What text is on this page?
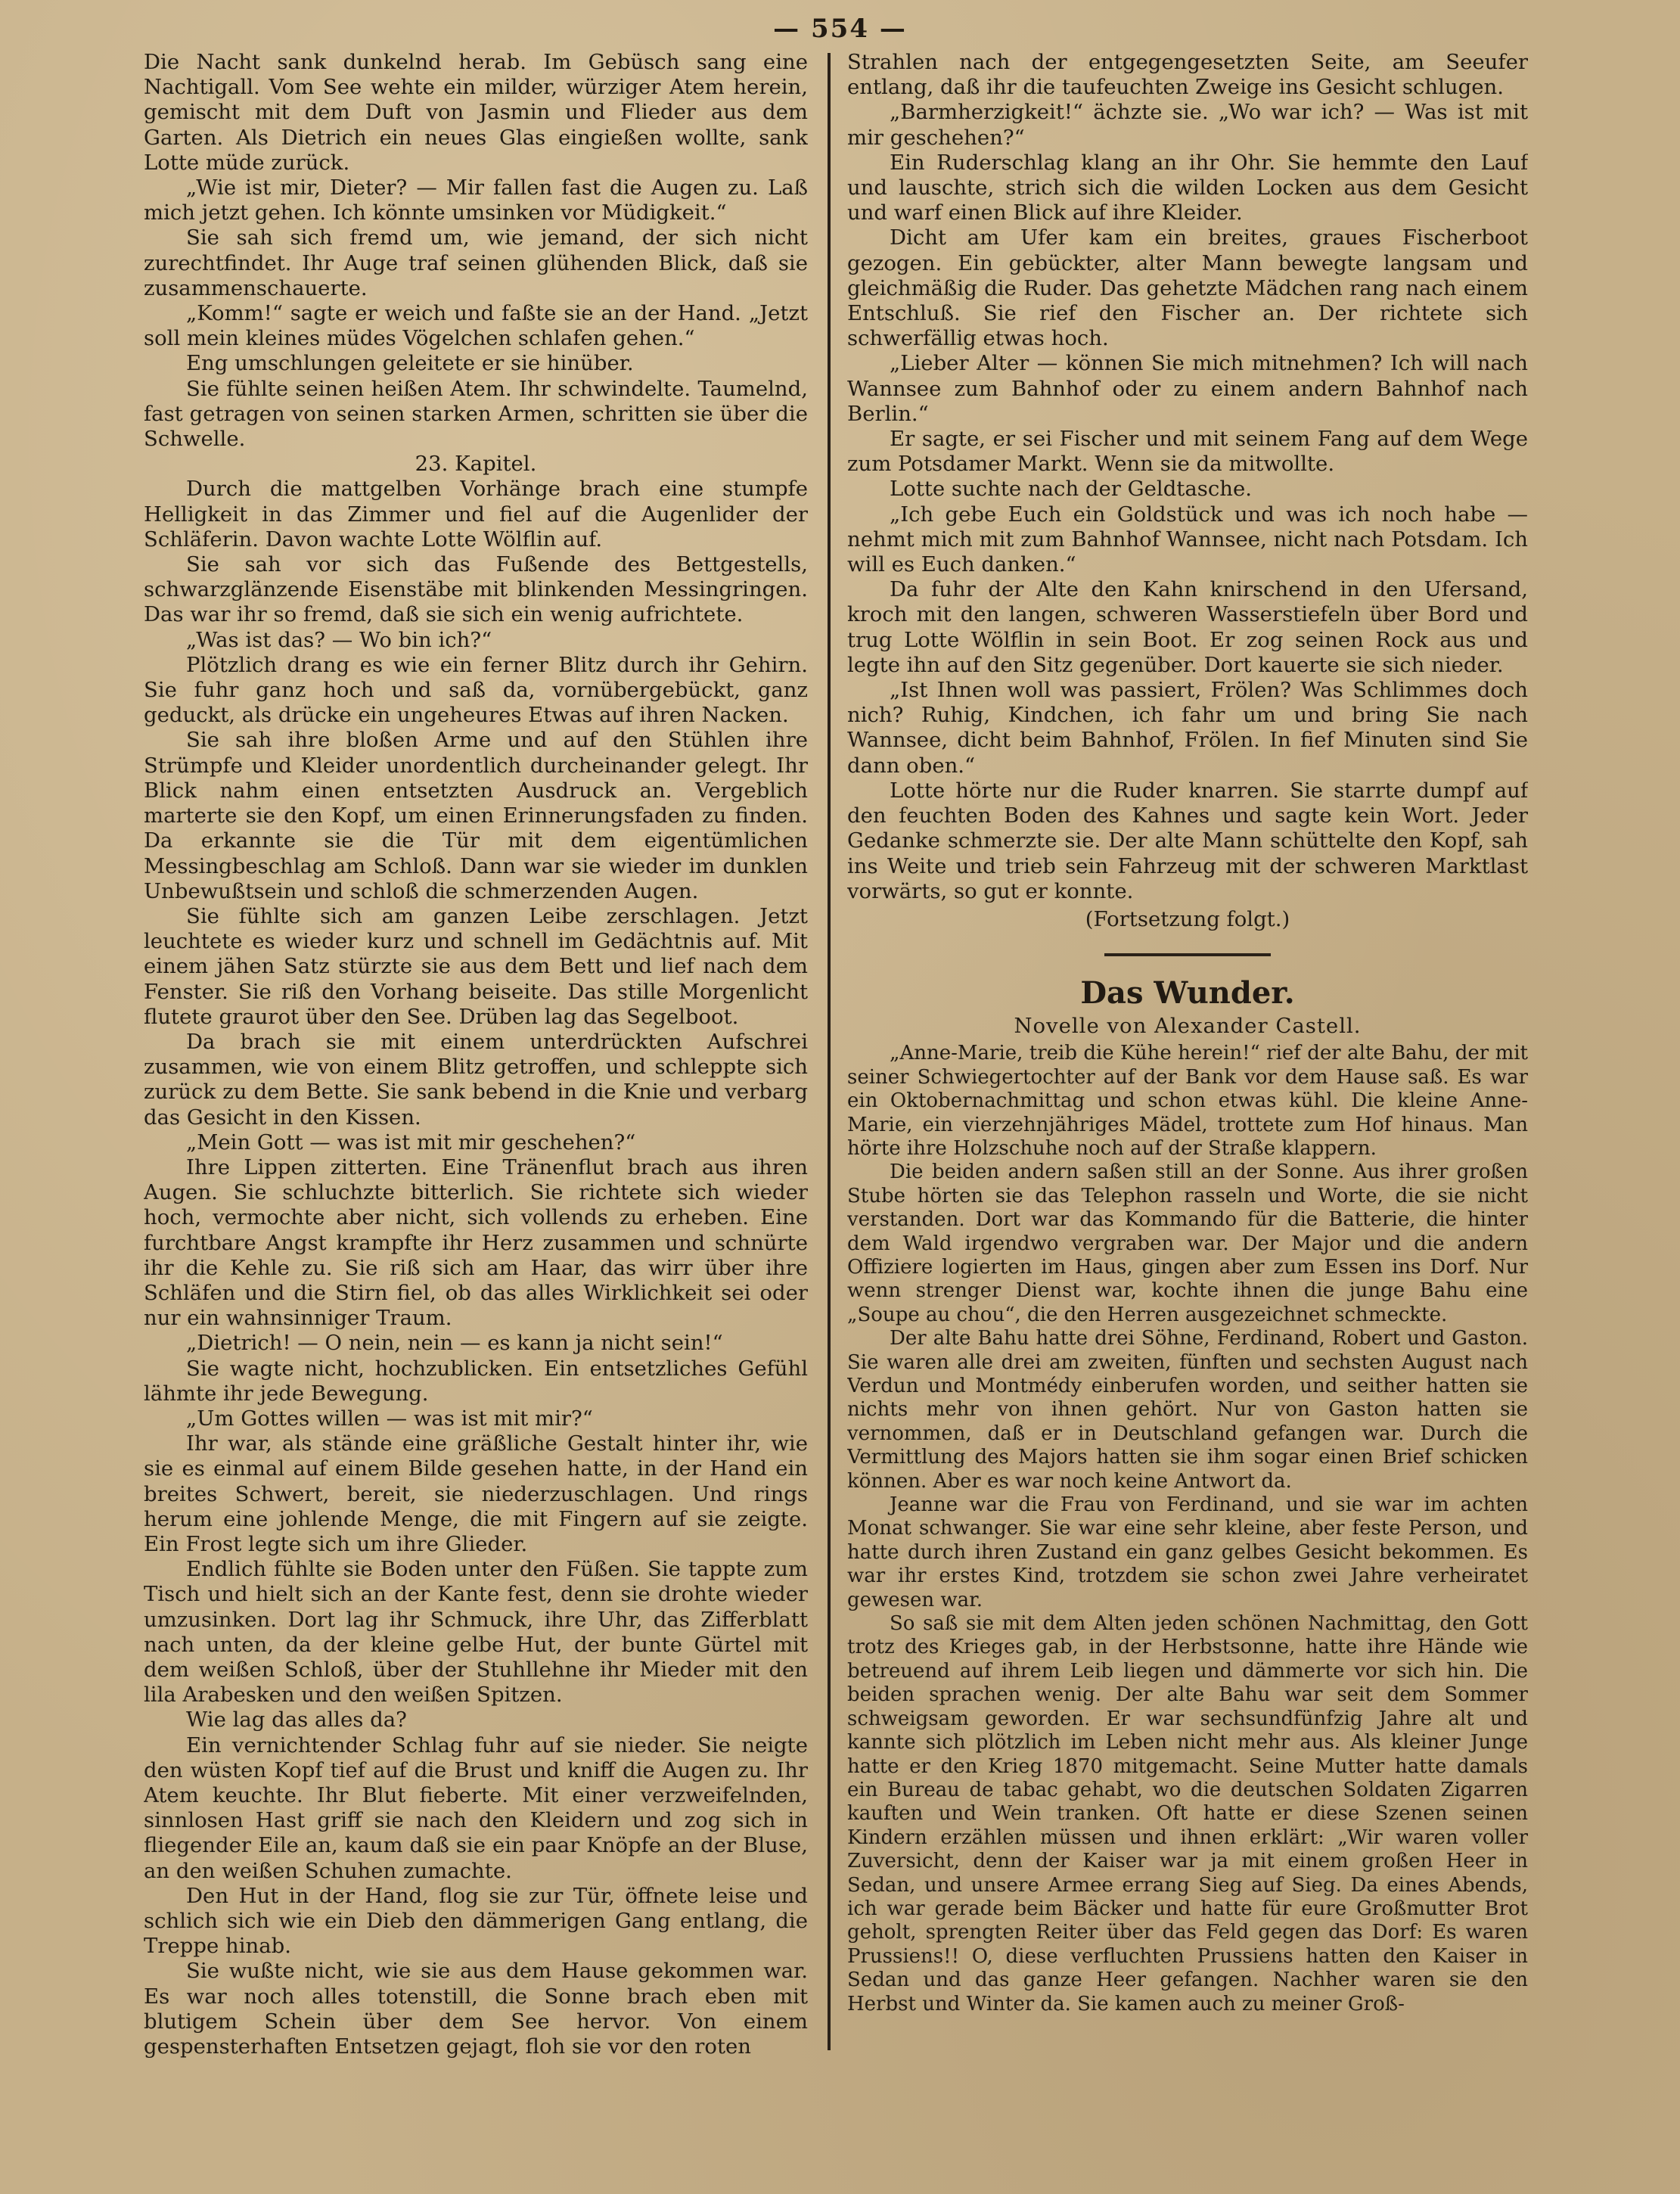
— 554 —

Die Nacht sank dunkelnd herab. Im Gebüsch sang eine Nachtigall. Vom See wehte ein milder, würziger Atem herein, gemischt mit dem Duft von Jasmin und Flieder aus dem Garten. Als Dietrich ein neues Glas eingießen wollte, sank Lotte müde zurück.

„Wie ist mir, Dieter? — Mir fallen fast die Augen zu. Laß mich jetzt gehen. Ich könnte umsinken vor Müdigkeit.“

Sie sah sich fremd um, wie jemand, der sich nicht zurechtfindet. Ihr Auge traf seinen glühenden Blick, daß sie zusammenschauerte.

„Komm!“ sagte er weich und faßte sie an der Hand. „Jetzt soll mein kleines müdes Vögelchen schlafen gehen.“

Eng umschlungen geleitete er sie hinüber.

Sie fühlte seinen heißen Atem. Ihr schwindelte. Taumelnd, fast getragen von seinen starken Armen, schritten sie über die Schwelle.

23. Kapitel.

Durch die mattgelben Vorhänge brach eine stumpfe Helligkeit in das Zimmer und fiel auf die Augenlider der Schläferin. Davon wachte Lotte Wölflin auf.

Sie sah vor sich das Fußende des Bettgestells, schwarzglänzende Eisenstäbe mit blinkenden Messingringen. Das war ihr so fremd, daß sie sich ein wenig aufrichtete.

„Was ist das? — Wo bin ich?“

Plötzlich drang es wie ein ferner Blitz durch ihr Gehirn. Sie fuhr ganz hoch und saß da, vornübergebückt, ganz geduckt, als drücke ein ungeheures Etwas auf ihren Nacken.

Sie sah ihre bloßen Arme und auf den Stühlen ihre Strümpfe und Kleider unordentlich durcheinander gelegt. Ihr Blick nahm einen entsetzten Ausdruck an. Vergeblich marterte sie den Kopf, um einen Erinnerungsfaden zu finden. Da erkannte sie die Tür mit dem eigentümlichen Messingbeschlag am Schloß. Dann war sie wieder im dunklen Unbewußtsein und schloß die schmerzenden Augen.

Sie fühlte sich am ganzen Leibe zerschlagen. Jetzt leuchtete es wieder kurz und schnell im Gedächtnis auf. Mit einem jähen Satz stürzte sie aus dem Bett und lief nach dem Fenster. Sie riß den Vorhang beiseite. Das stille Morgenlicht flutete graurot über den See. Drüben lag das Segelboot.

Da brach sie mit einem unterdrückten Aufschrei zusammen, wie von einem Blitz getroffen, und schleppte sich zurück zu dem Bette. Sie sank bebend in die Knie und verbarg das Gesicht in den Kissen.

„Mein Gott — was ist mit mir geschehen?“

Ihre Lippen zitterten. Eine Tränenflut brach aus ihren Augen. Sie schluchzte bitterlich. Sie richtete sich wieder hoch, vermochte aber nicht, sich vollends zu erheben. Eine furchtbare Angst krampfte ihr Herz zusammen und schnürte ihr die Kehle zu. Sie riß sich am Haar, das wirr über ihre Schläfen und die Stirn fiel, ob das alles Wirklichkeit sei oder nur ein wahnsinniger Traum.

„Dietrich! — O nein, nein — es kann ja nicht sein!“

Sie wagte nicht, hochzublicken. Ein entsetzliches Gefühl lähmte ihr jede Bewegung.

„Um Gottes willen — was ist mit mir?“

Ihr war, als stände eine gräßliche Gestalt hinter ihr, wie sie es einmal auf einem Bilde gesehen hatte, in der Hand ein breites Schwert, bereit, sie niederzuschlagen. Und rings herum eine johlende Menge, die mit Fingern auf sie zeigte. Ein Frost legte sich um ihre Glieder.

Endlich fühlte sie Boden unter den Füßen. Sie tappte zum Tisch und hielt sich an der Kante fest, denn sie drohte wieder umzusinken. Dort lag ihr Schmuck, ihre Uhr, das Zifferblatt nach unten, da der kleine gelbe Hut, der bunte Gürtel mit dem weißen Schloß, über der Stuhllehne ihr Mieder mit den lila Arabesken und den weißen Spitzen.

Wie lag das alles da?

Ein vernichtender Schlag fuhr auf sie nieder. Sie neigte den wüsten Kopf tief auf die Brust und kniff die Augen zu. Ihr Atem keuchte. Ihr Blut fieberte. Mit einer verzweifelnden, sinnlosen Hast griff sie nach den Kleidern und zog sich in fliegender Eile an, kaum daß sie ein paar Knöpfe an der Bluse, an den weißen Schuhen zumachte.

Den Hut in der Hand, flog sie zur Tür, öffnete leise und schlich sich wie ein Dieb den dämmerigen Gang entlang, die Treppe hinab.

Sie wußte nicht, wie sie aus dem Hause gekommen war. Es war noch alles totenstill, die Sonne brach eben mit blutigem Schein über dem See hervor. Von einem gespensterhaften Entsetzen gejagt, floh sie vor den roten

Strahlen nach der entgegengesetzten Seite, am Seeufer entlang, daß ihr die taufeuchten Zweige ins Gesicht schlugen.

„Barmherzigkeit!“ ächzte sie. „Wo war ich? — Was ist mit mir geschehen?“

Ein Ruderschlag klang an ihr Ohr. Sie hemmte den Lauf und lauschte, strich sich die wilden Locken aus dem Gesicht und warf einen Blick auf ihre Kleider.

Dicht am Ufer kam ein breites, graues Fischerboot gezogen. Ein gebückter, alter Mann bewegte langsam und gleichmäßig die Ruder. Das gehetzte Mädchen rang nach einem Entschluß. Sie rief den Fischer an. Der richtete sich schwerfällig etwas hoch.

„Lieber Alter — können Sie mich mitnehmen? Ich will nach Wannsee zum Bahnhof oder zu einem andern Bahnhof nach Berlin.“

Er sagte, er sei Fischer und mit seinem Fang auf dem Wege zum Potsdamer Markt. Wenn sie da mitwollte.

Lotte suchte nach der Geldtasche.

„Ich gebe Euch ein Goldstück und was ich noch habe — nehmt mich mit zum Bahnhof Wannsee, nicht nach Potsdam. Ich will es Euch danken.“

Da fuhr der Alte den Kahn knirschend in den Ufersand, kroch mit den langen, schweren Wasserstiefeln über Bord und trug Lotte Wölflin in sein Boot. Er zog seinen Rock aus und legte ihn auf den Sitz gegenüber. Dort kauerte sie sich nieder.

„Ist Ihnen woll was passiert, Frölen? Was Schlimmes doch nich? Ruhig, Kindchen, ich fahr um und bring Sie nach Wannsee, dicht beim Bahnhof, Frölen. In fief Minuten sind Sie dann oben.“

Lotte hörte nur die Ruder knarren. Sie starrte dumpf auf den feuchten Boden des Kahnes und sagte kein Wort. Jeder Gedanke schmerzte sie. Der alte Mann schüttelte den Kopf, sah ins Weite und trieb sein Fahrzeug mit der schweren Marktlast vorwärts, so gut er konnte.

(Fortsetzung folgt.)
Das Wunder.
Novelle von Alexander Castell.

„Anne-Marie, treib die Kühe herein!“ rief der alte Bahu, der mit seiner Schwiegertochter auf der Bank vor dem Hause saß. Es war ein Oktobernachmittag und schon etwas kühl. Die kleine Anne-Marie, ein vierzehnjähriges Mädel, trottete zum Hof hinaus. Man hörte ihre Holzschuhe noch auf der Straße klappern.

Die beiden andern saßen still an der Sonne. Aus ihrer großen Stube hörten sie das Telephon rasseln und Worte, die sie nicht verstanden. Dort war das Kommando für die Batterie, die hinter dem Wald irgendwo vergraben war. Der Major und die andern Offiziere logierten im Haus, gingen aber zum Essen ins Dorf. Nur wenn strenger Dienst war, kochte ihnen die junge Bahu eine „Soupe au chou“, die den Herren ausgezeichnet schmeckte.

Der alte Bahu hatte drei Söhne, Ferdinand, Robert und Gaston. Sie waren alle drei am zweiten, fünften und sechsten August nach Verdun und Montmédy einberufen worden, und seither hatten sie nichts mehr von ihnen gehört. Nur von Gaston hatten sie vernommen, daß er in Deutschland gefangen war. Durch die Vermittlung des Majors hatten sie ihm sogar einen Brief schicken können. Aber es war noch keine Antwort da.

Jeanne war die Frau von Ferdinand, und sie war im achten Monat schwanger. Sie war eine sehr kleine, aber feste Person, und hatte durch ihren Zustand ein ganz gelbes Gesicht bekommen. Es war ihr erstes Kind, trotzdem sie schon zwei Jahre verheiratet gewesen war.

So saß sie mit dem Alten jeden schönen Nachmittag, den Gott trotz des Krieges gab, in der Herbstsonne, hatte ihre Hände wie betreuend auf ihrem Leib liegen und dämmerte vor sich hin. Die beiden sprachen wenig. Der alte Bahu war seit dem Sommer schweigsam geworden. Er war sechsundfünfzig Jahre alt und kannte sich plötzlich im Leben nicht mehr aus. Als kleiner Junge hatte er den Krieg 1870 mitgemacht. Seine Mutter hatte damals ein Bureau de tabac gehabt, wo die deutschen Soldaten Zigarren kauften und Wein tranken. Oft hatte er diese Szenen seinen Kindern erzählen müssen und ihnen erklärt: „Wir waren voller Zuversicht, denn der Kaiser war ja mit einem großen Heer in Sedan, und unsere Armee errang Sieg auf Sieg. Da eines Abends, ich war gerade beim Bäcker und hatte für eure Großmutter Brot geholt, sprengten Reiter über das Feld gegen das Dorf: Es waren Prussiens!! O, diese verfluchten Prussiens hatten den Kaiser in Sedan und das ganze Heer gefangen. Nachher waren sie den Herbst und Winter da. Sie kamen auch zu meiner Groß-
